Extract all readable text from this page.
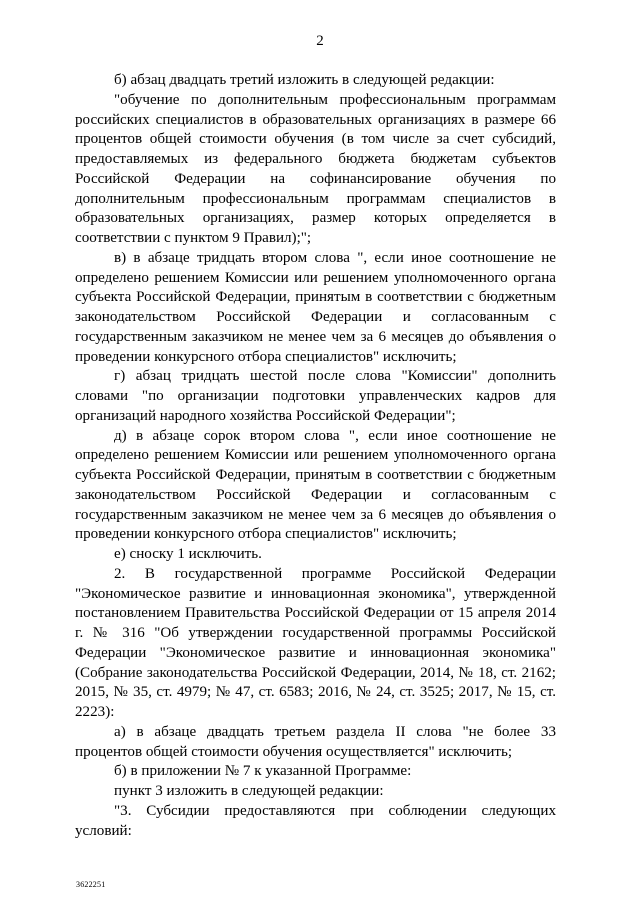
2

б) абзац двадцать третий изложить в следующей редакции:

"обучение по дополнительным профессиональным программам российских специалистов в образовательных организациях в размере 66 процентов общей стоимости обучения (в том числе за счет субсидий, предоставляемых из федерального бюджета бюджетам субъектов Российской Федерации на софинансирование обучения по дополнительным профессиональным программам специалистов в образовательных организациях, размер которых определяется в соответствии с пунктом 9 Правил);";

в) в абзаце тридцать втором слова ", если иное соотношение не определено решением Комиссии или решением уполномоченного органа субъекта Российской Федерации, принятым в соответствии с бюджетным законодательством Российской Федерации и согласованным с государственным заказчиком не менее чем за 6 месяцев до объявления о проведении конкурсного отбора специалистов" исключить;

г) абзац тридцать шестой после слова "Комиссии" дополнить словами "по организации подготовки управленческих кадров для организаций народного хозяйства Российской Федерации";

д) в абзаце сорок втором слова ", если иное соотношение не определено решением Комиссии или решением уполномоченного органа субъекта Российской Федерации, принятым в соответствии с бюджетным законодательством Российской Федерации и согласованным с государственным заказчиком не менее чем за 6 месяцев до объявления о проведении конкурсного отбора специалистов" исключить;

е) сноску 1 исключить.

2. В государственной программе Российской Федерации "Экономическое развитие и инновационная экономика", утвержденной постановлением Правительства Российской Федерации от 15 апреля 2014 г. № 316 "Об утверждении государственной программы Российской Федерации "Экономическое развитие и инновационная экономика" (Собрание законодательства Российской Федерации, 2014, № 18, ст. 2162; 2015, № 35, ст. 4979; № 47, ст. 6583; 2016, № 24, ст. 3525; 2017, № 15, ст. 2223):

а) в абзаце двадцать третьем раздела II слова "не более 33 процентов общей стоимости обучения осуществляется" исключить;

б) в приложении № 7 к указанной Программе:

пункт 3 изложить в следующей редакции:

"3. Субсидии предоставляются при соблюдении следующих условий:

3622251
